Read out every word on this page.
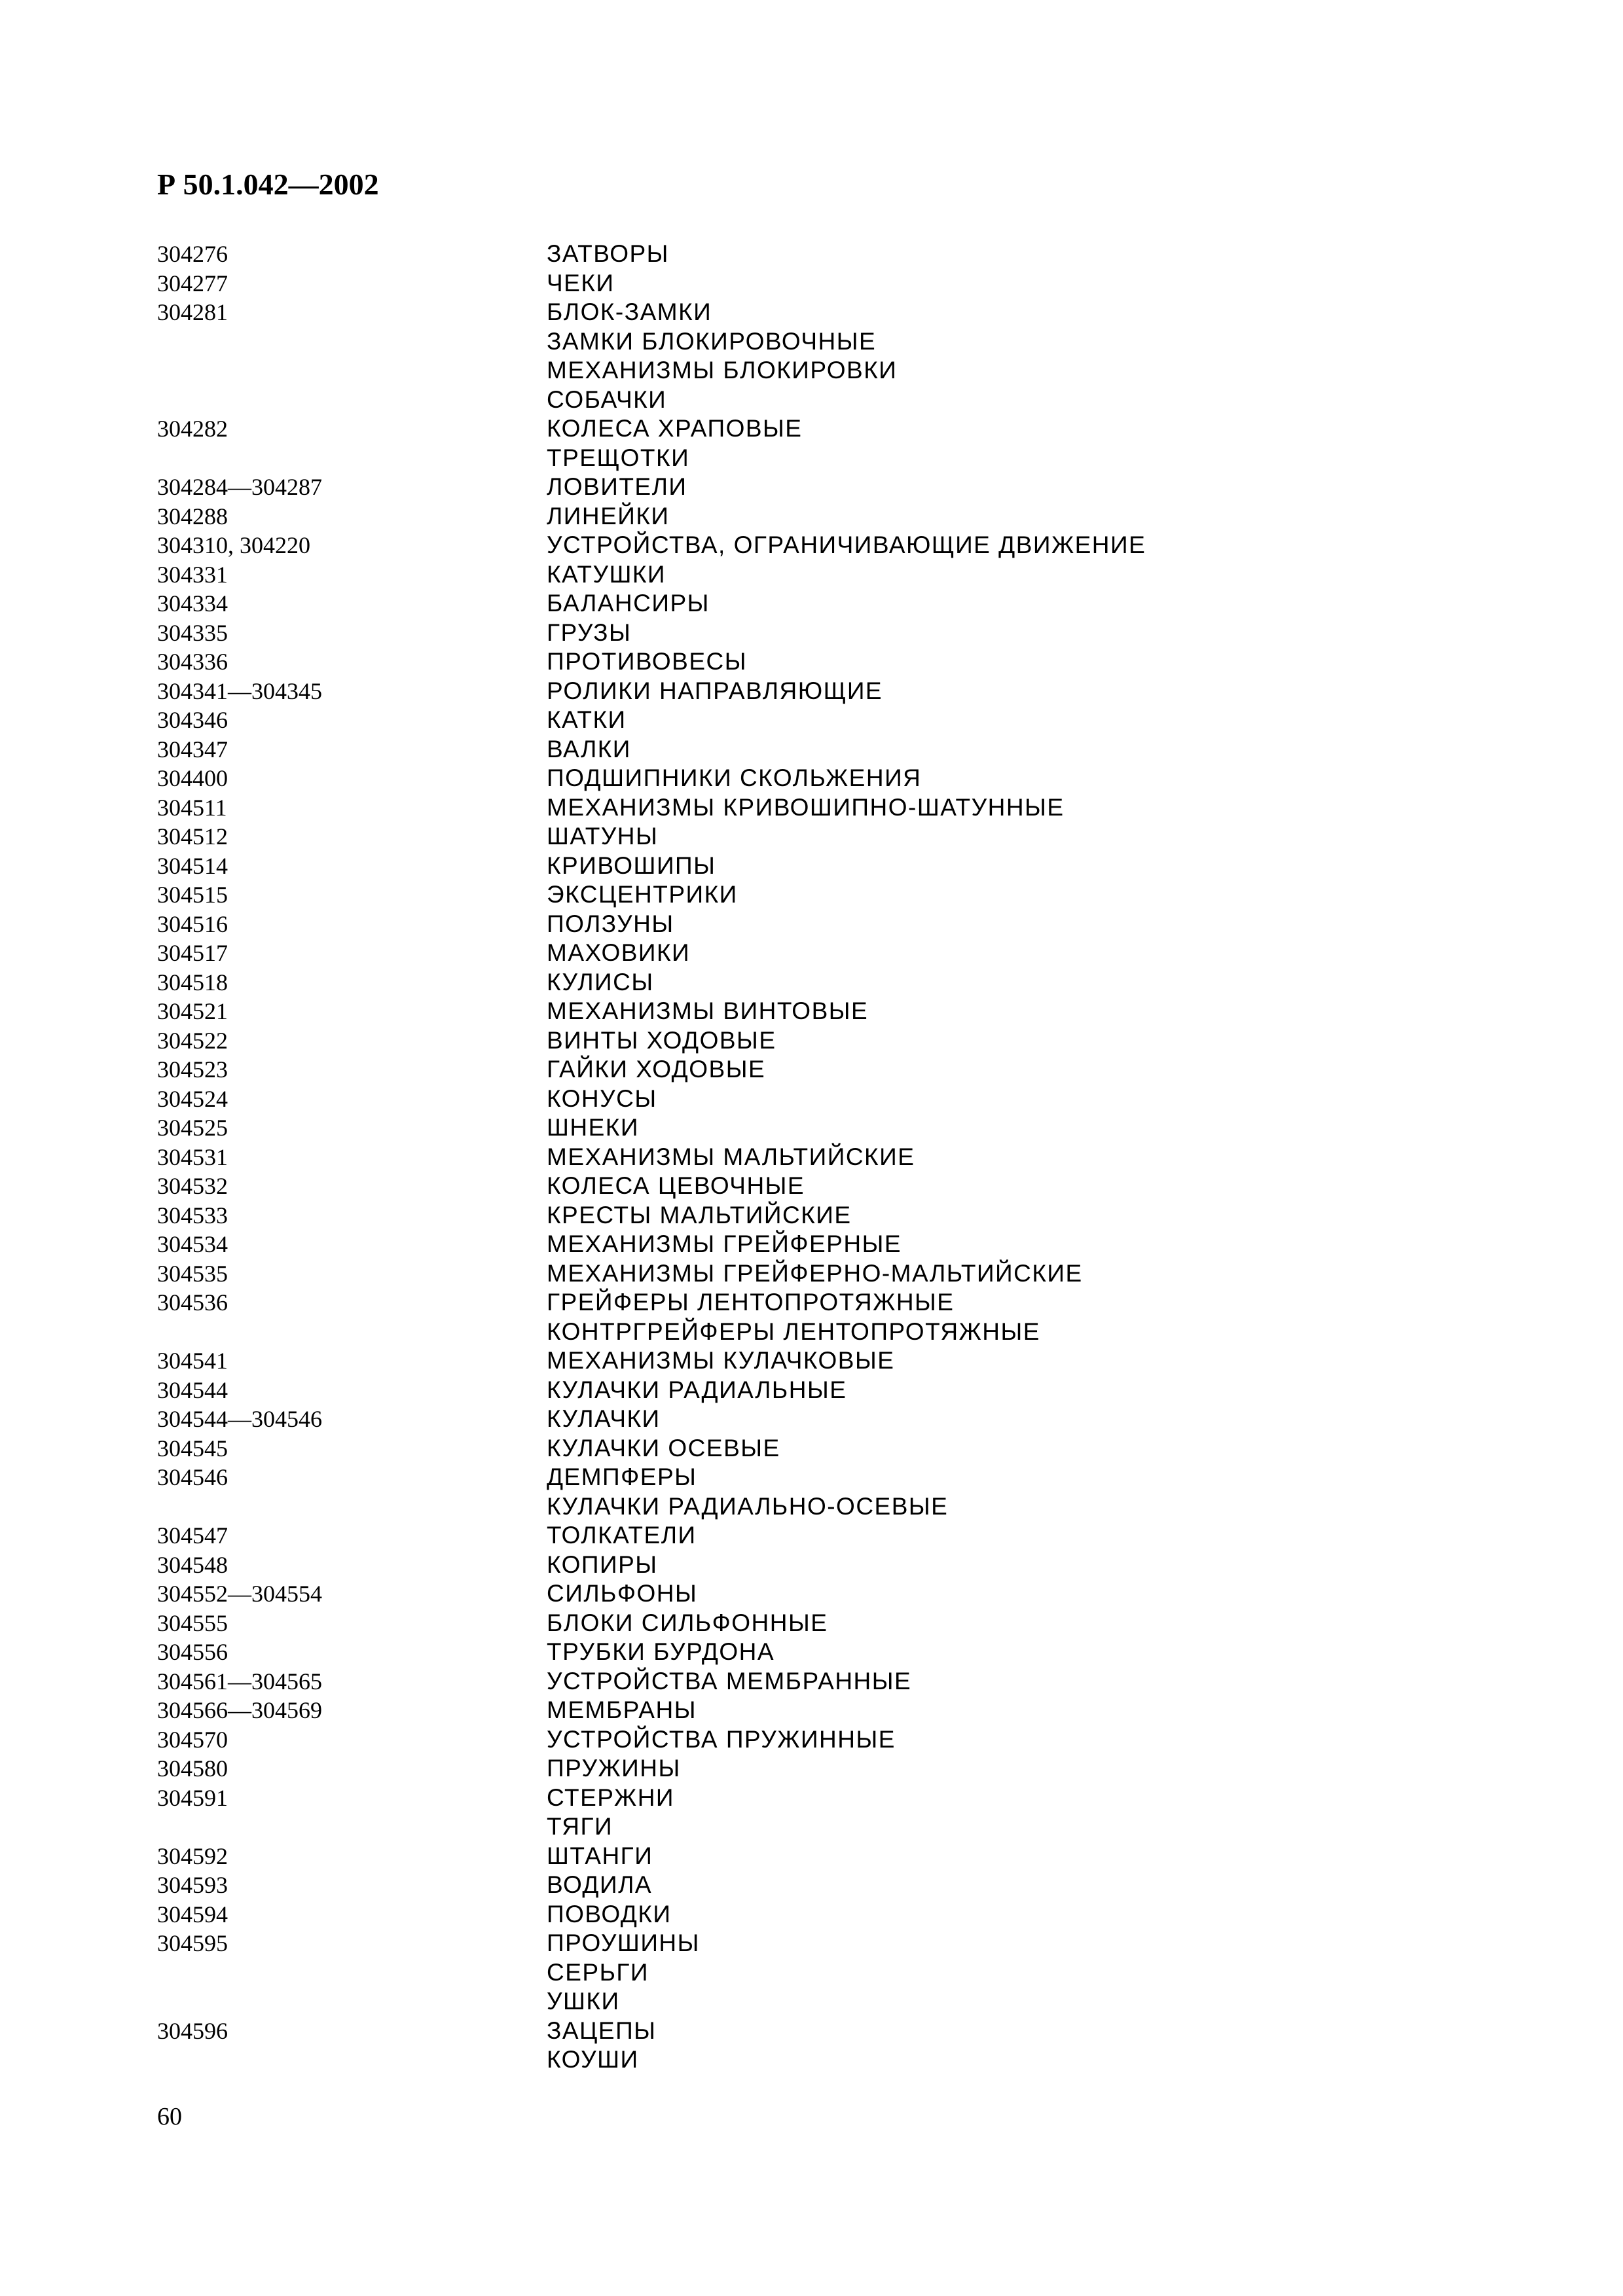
Р 50.1.042—2002
304276	ЗАТВОРЫ
304277	ЧЕКИ
304281	БЛОК-ЗАМКИ
ЗАМКИ БЛОКИРОВОЧНЫЕ
МЕХАНИЗМЫ БЛОКИРОВКИ
СОБАЧКИ
304282	КОЛЕСА ХРАПОВЫЕ
ТРЕЩОТКИ
304284—304287	ЛОВИТЕЛИ
304288	ЛИНЕЙКИ
304310, 304220	УСТРОЙСТВА, ОГРАНИЧИВАЮЩИЕ ДВИЖЕНИЕ
304331	КАТУШКИ
304334	БАЛАНСИРЫ
304335	ГРУЗЫ
304336	ПРОТИВОВЕСЫ
304341—304345	РОЛИКИ НАПРАВЛЯЮЩИЕ
304346	КАТКИ
304347	ВАЛКИ
304400	ПОДШИПНИКИ СКОЛЬЖЕНИЯ
304511	МЕХАНИЗМЫ КРИВОШИПНО-ШАТУННЫЕ
304512	ШАТУНЫ
304514	КРИВОШИПЫ
304515	ЭКСЦЕНТРИКИ
304516	ПОЛЗУНЫ
304517	МАХОВИКИ
304518	КУЛИСЫ
304521	МЕХАНИЗМЫ ВИНТОВЫЕ
304522	ВИНТЫ ХОДОВЫЕ
304523	ГАЙКИ ХОДОВЫЕ
304524	КОНУСЫ
304525	ШНЕКИ
304531	МЕХАНИЗМЫ МАЛЬТИЙСКИЕ
304532	КОЛЕСА ЦЕВОЧНЫЕ
304533	КРЕСТЫ МАЛЬТИЙСКИЕ
304534	МЕХАНИЗМЫ ГРЕЙФЕРНЫЕ
304535	МЕХАНИЗМЫ ГРЕЙФЕРНО-МАЛЬТИЙСКИЕ
304536	ГРЕЙФЕРЫ ЛЕНТОПРОТЯЖНЫЕ
КОНТРГРЕЙФЕРЫ ЛЕНТОПРОТЯЖНЫЕ
304541	МЕХАНИЗМЫ КУЛАЧКОВЫЕ
304544	КУЛАЧКИ РАДИАЛЬНЫЕ
304544—304546	КУЛАЧКИ
304545	КУЛАЧКИ ОСЕВЫЕ
304546	ДЕМПФЕРЫ
КУЛАЧКИ РАДИАЛЬНО-ОСЕВЫЕ
304547	ТОЛКАТЕЛИ
304548	КОПИРЫ
304552—304554	СИЛЬФОНЫ
304555	БЛОКИ СИЛЬФОННЫЕ
304556	ТРУБКИ БУРДОНА
304561—304565	УСТРОЙСТВА МЕМБРАННЫЕ
304566—304569	МЕМБРАНЫ
304570	УСТРОЙСТВА ПРУЖИННЫЕ
304580	ПРУЖИНЫ
304591	СТЕРЖНИ
ТЯГИ
304592	ШТАНГИ
304593	ВОДИЛА
304594	ПОВОДКИ
304595	ПРОУШИНЫ
СЕРЬГИ
УШКИ
304596	ЗАЦЕПЫ
КОУШИ
60
